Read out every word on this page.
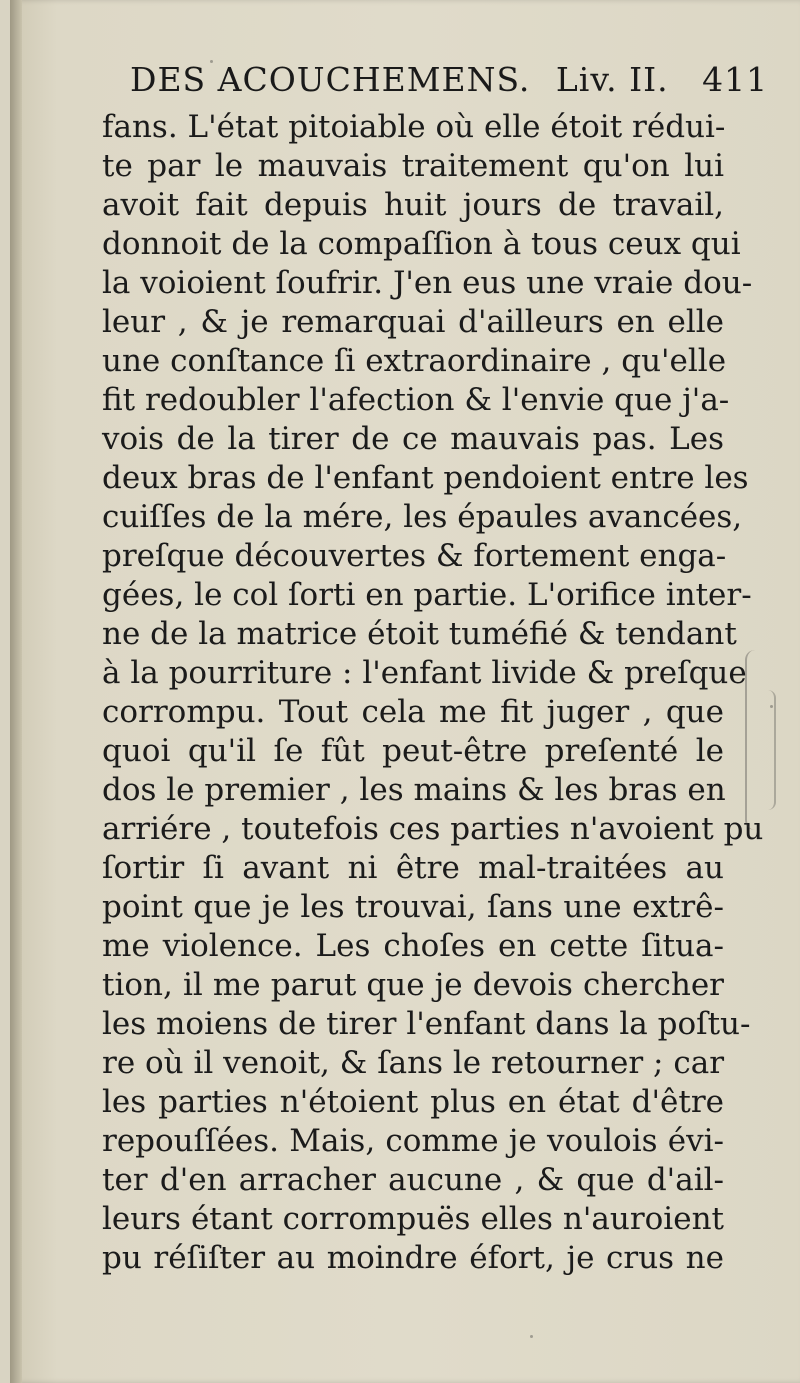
DES ACOUCHEMENS. Liv. II. 411
fans. L'état pitoiable où elle étoit rédui-
te par le mauvais traitement qu'on lui
avoit fait depuis huit jours de travail,
donnoit de la compaſſion à tous ceux qui
la voioient ſoufrir. J'en eus une vraie dou-
leur , & je remarquai d'ailleurs en elle
une conſtance ſi extraordinaire , qu'elle
fit redoubler l'afection & l'envie que j'a-
vois de la tirer de ce mauvais pas. Les
deux bras de l'enfant pendoient entre les
cuiſſes de la mére, les épaules avancées,
preſque découvertes & fortement enga-
gées, le col ſorti en partie. L'orifice inter-
ne de la matrice étoit tuméfié & tendant
à la pourriture : l'enfant livide & preſque
corrompu. Tout cela me fit juger , que
quoi qu'il ſe fût peut-être preſenté le
dos le premier , les mains & les bras en
arriére , toutefois ces parties n'avoient pu
ſortir ſi avant ni être mal-traitées au
point que je les trouvai, ſans une extrê-
me violence. Les choſes en cette ſitua-
tion, il me parut que je devois chercher
les moiens de tirer l'enfant dans la poſtu-
re où il venoit, & ſans le retourner ; car
les parties n'étoient plus en état d'être
repouſſées. Mais, comme je voulois évi-
ter d'en arracher aucune , & que d'ail-
leurs étant corrompuës elles n'auroient
pu réſiſter au moindre éfort, je crus ne
